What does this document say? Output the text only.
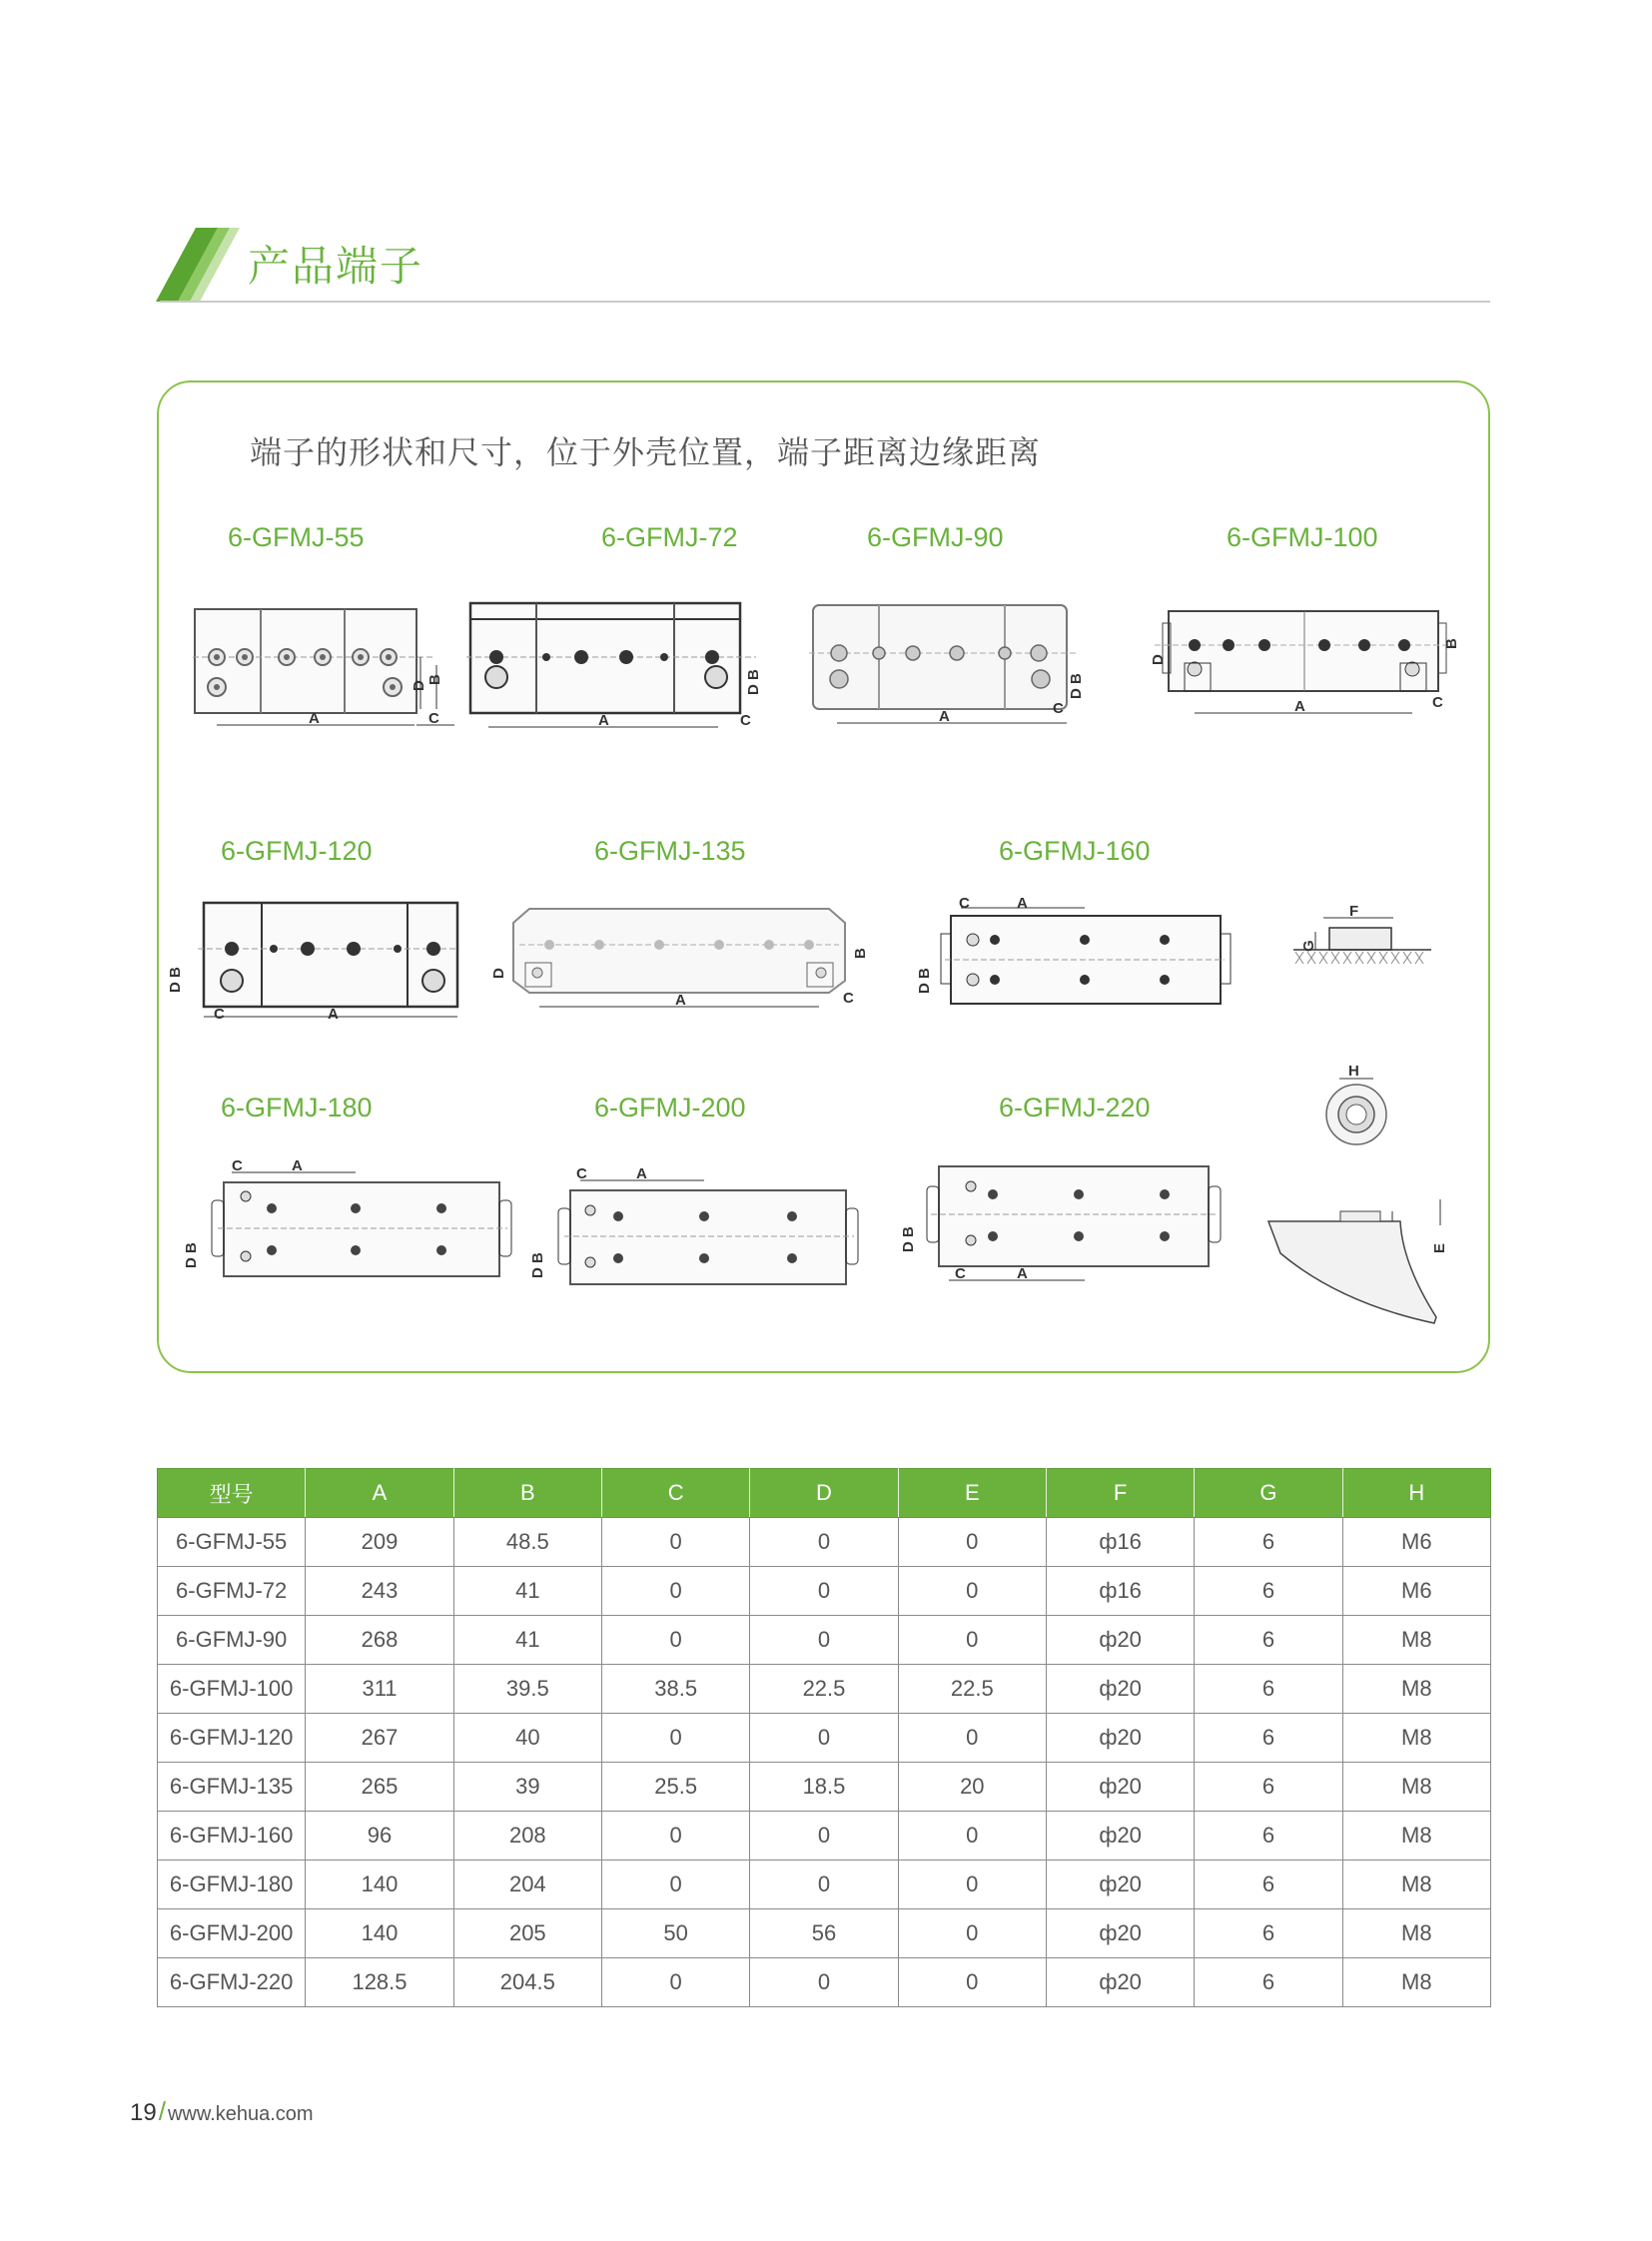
产品端子
端子的形状和尺寸，位于外壳位置，端子距离边缘距离
6-GFMJ-55	6-GFMJ-72	6-GFMJ-90	6-GFMJ-100
6-GFMJ-120	6-GFMJ-135	6-GFMJ-160
6-GFMJ-180	6-GFMJ-200	6-GFMJ-220
A	C
D
B
A	C
D B
A	C
D B
A	C
D
B
C	A
D B
A	C
D
B
C	A
D B
F
G
C	A
D B
C	A
D B	C	A
D B
H
E
型号	A	B	C	D	E	F	G	H
6-GFMJ-55	209	48.5	0	0	0	ф16	6	M6
6-GFMJ-72	243	41	0	0	0	ф16	6	M6
6-GFMJ-90	268	41	0	0	0	ф20	6	M8
6-GFMJ-100	311	39.5	38.5	22.5	22.5	ф20	6	M8
6-GFMJ-120	267	40	0	0	0	ф20	6	M8
6-GFMJ-135	265	39	25.5	18.5	20	ф20	6	M8
6-GFMJ-160	96	208	0	0	0	ф20	6	M8
6-GFMJ-180	140	204	0	0	0	ф20	6	M8
6-GFMJ-200	140	205	50	56	0	ф20	6	M8
6-GFMJ-220	128.5	204.5	0	0	0	ф20	6	M8
19/ www.kehua.com
